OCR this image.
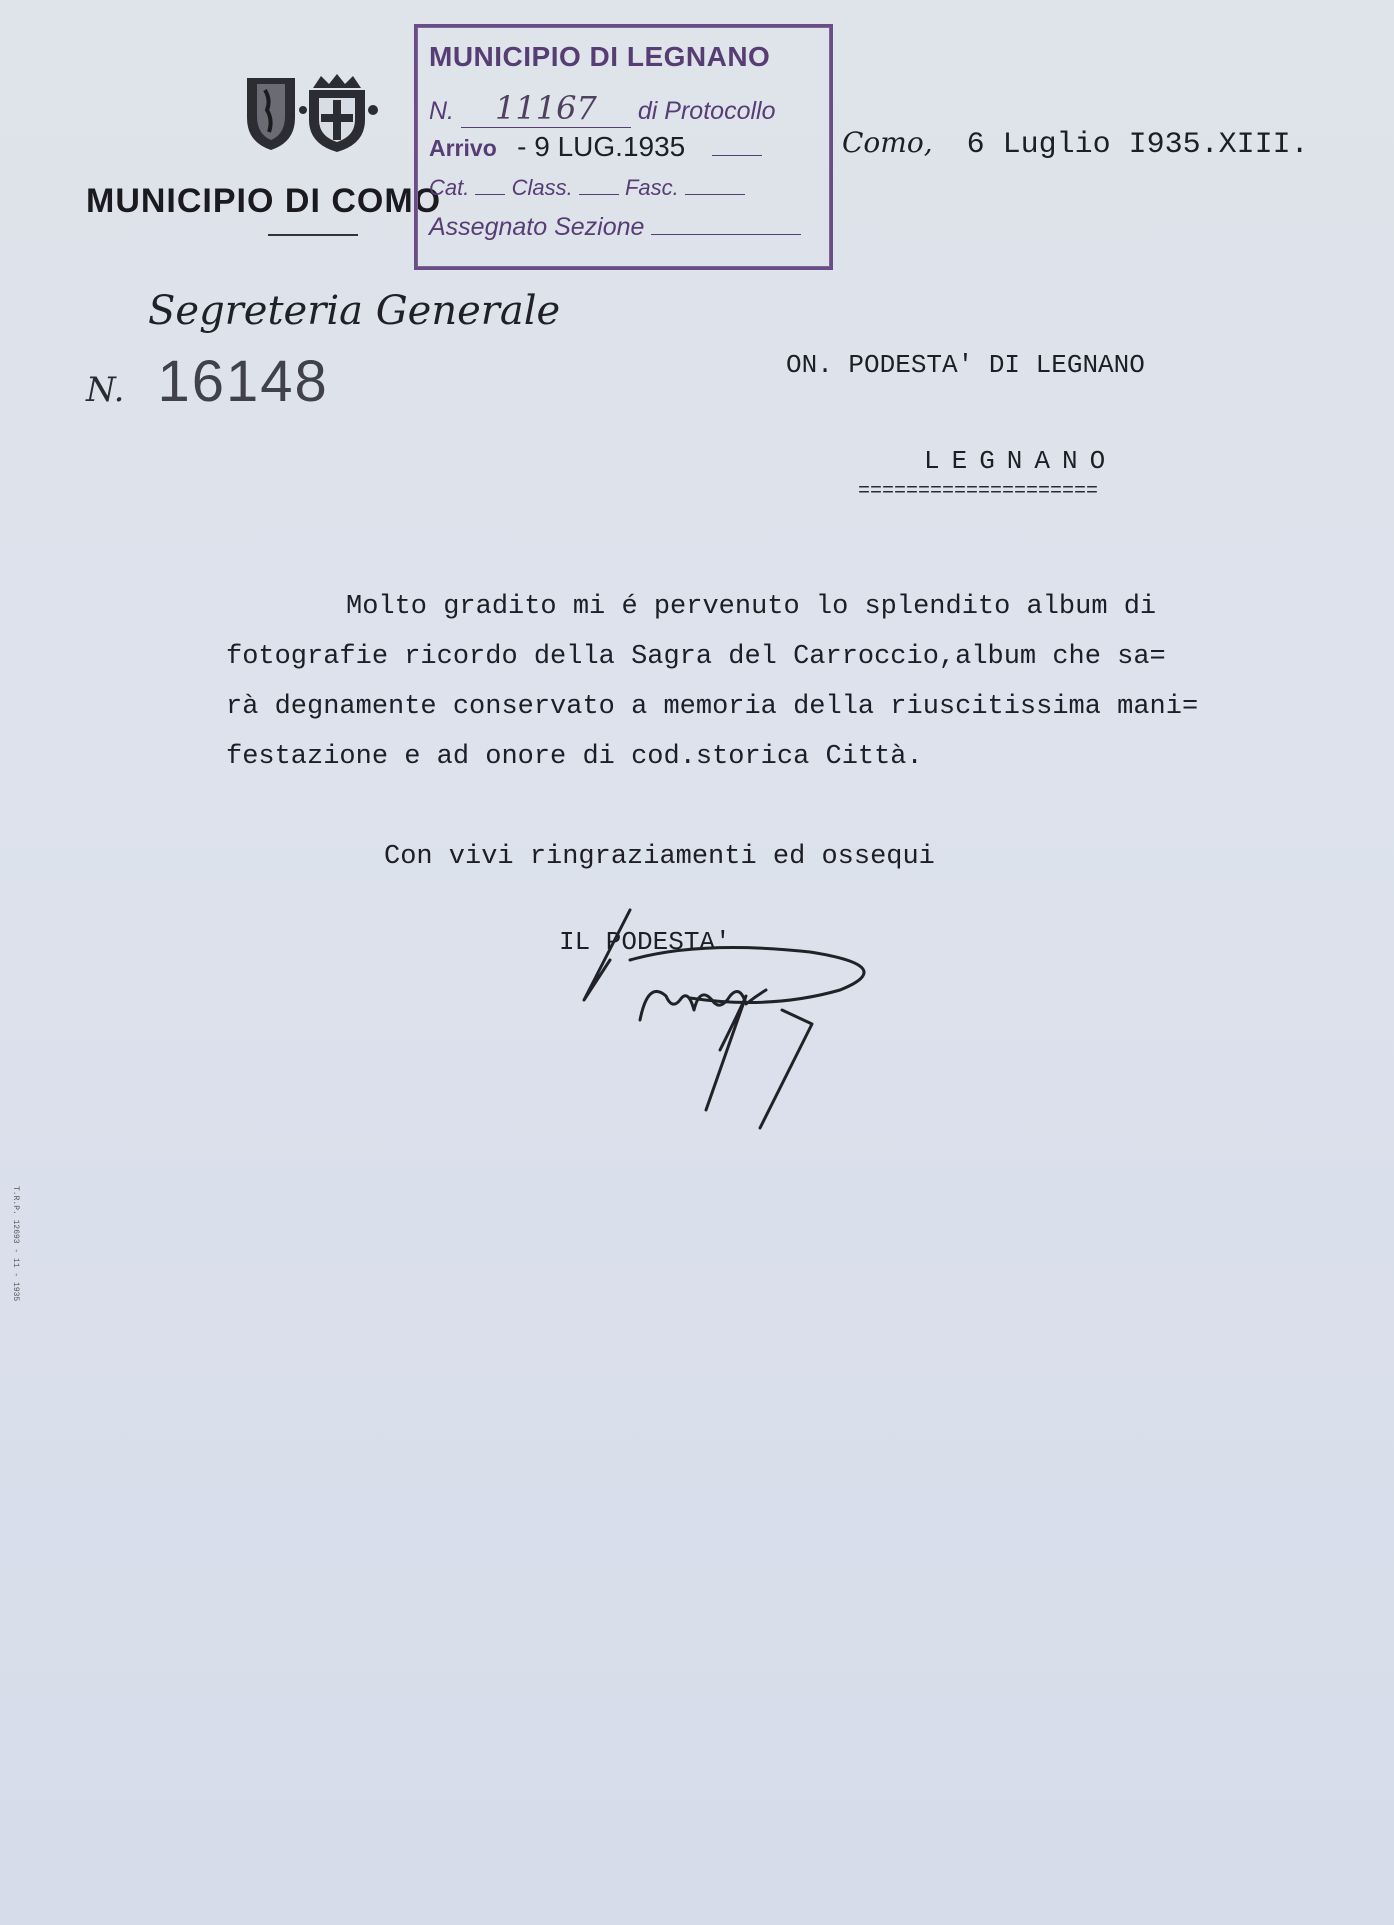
MUNICIPIO DI COMO
MUNICIPIO DI LEGNANO
N. 11167 di Protocollo
Arrivo - 9 LUG.1935
Cat. Class. Fasc.
Assegnato Sezione
Como, 6 Luglio I935.XIII.
Segreteria Generale
N. 16148	ON. PODESTA' DI LEGNANO
LEGNANO
====================
Molto gradito mi é pervenuto lo splendito album di
fotografie ricordo della Sagra del Carroccio,album che sa=
rà degnamente conservato a memoria della riuscitissima mani=
festazione e ad onore di cod.storica Città.
Con vivi ringraziamenti ed ossequi
IL PODESTA'
T.R.P. 12693 - 11 - 1935
